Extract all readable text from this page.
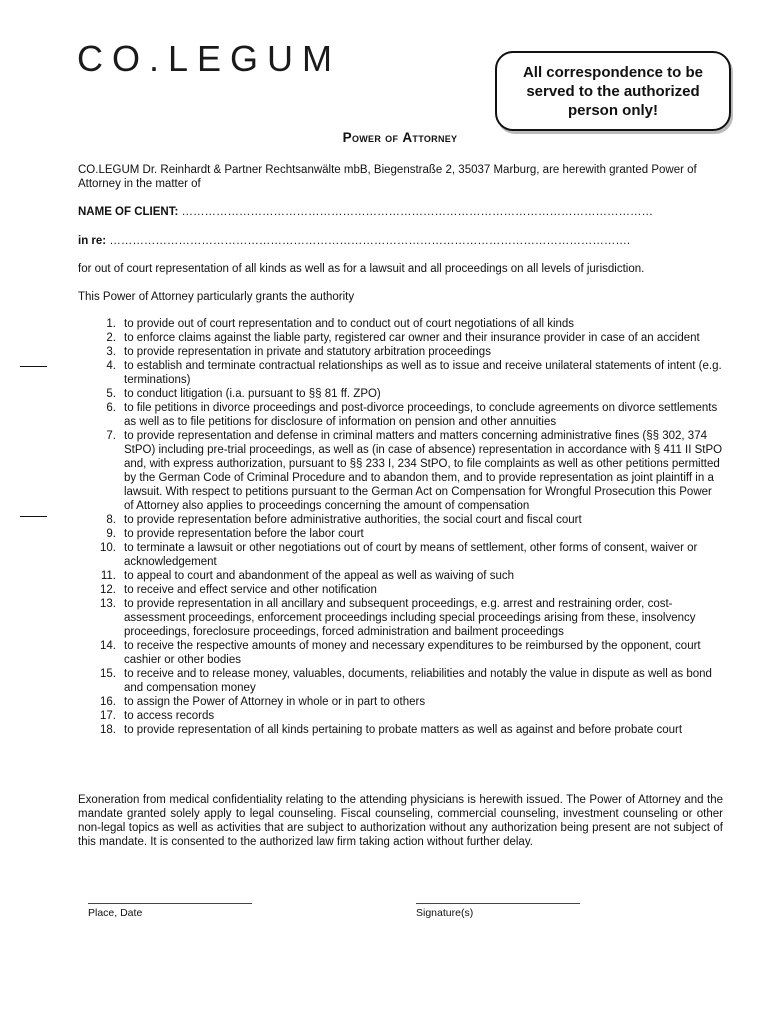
CO.LEGUM	All correspondence to be served to the authorized person only!
Power of Attorney

CO.LEGUM Dr. Reinhardt & Partner Rechtsanwälte mbB, Biegenstraße 2, 35037 Marburg, are herewith granted Power of Attorney in the matter of

NAME OF CLIENT: ……………………………………………………………………………………………………………
in re: ……………………………………………………………………………………………………………………….

for out of court representation of all kinds as well as for a lawsuit and all proceedings on all levels of jurisdiction.

This Power of Attorney particularly grants the authority

1. to provide out of court representation and to conduct out of court negotiations of all kinds
2. to enforce claims against the liable party, registered car owner and their insurance provider in case of an accident
3. to provide representation in private and statutory arbitration proceedings
4. to establish and terminate contractual relationships as well as to issue and receive unilateral statements of intent (e.g. terminations)
5. to conduct litigation (i.a. pursuant to §§ 81 ff. ZPO)
6. to file petitions in divorce proceedings and post-divorce proceedings, to conclude agreements on divorce settlements as well as to file petitions for disclosure of information on pension and other annuities
7. to provide representation and defense in criminal matters and matters concerning administrative fines (§§ 302, 374 StPO) including pre-trial proceedings, as well as (in case of absence) representation in accordance with § 411 II StPO and, with express authorization, pursuant to §§ 233 I, 234 StPO, to file complaints as well as other petitions permitted by the German Code of Criminal Procedure and to abandon them, and to provide representation as joint plaintiff in a lawsuit. With respect to petitions pursuant to the German Act on Compensation for Wrongful Prosecution this Power of Attorney also applies to proceedings concerning the amount of compensation
8. to provide representation before administrative authorities, the social court and fiscal court
9. to provide representation before the labor court
10. to terminate a lawsuit or other negotiations out of court by means of settlement, other forms of consent, waiver or acknowledgement
11. to appeal to court and abandonment of the appeal as well as waiving of such
12. to receive and effect service and other notification
13. to provide representation in all ancillary and subsequent proceedings, e.g. arrest and restraining order, cost-assessment proceedings, enforcement proceedings including special proceedings arising from these, insolvency proceedings, foreclosure proceedings, forced administration and bailment proceedings
14. to receive the respective amounts of money and necessary expenditures to be reimbursed by the opponent, court cashier or other bodies
15. to receive and to release money, valuables, documents, reliabilities and notably the value in dispute as well as bond and compensation money
16. to assign the Power of Attorney in whole or in part to others
17. to access records
18. to provide representation of all kinds pertaining to probate matters as well as against and before probate court

Exoneration from medical confidentiality relating to the attending physicians is herewith issued. The Power of Attorney and the mandate granted solely apply to legal counseling. Fiscal counseling, commercial counseling, investment counseling or other non-legal topics as well as activities that are subject to authorization without any authorization being present are not subject of this mandate. It is consented to the authorized law firm taking action without further delay.

Place, Date	Signature(s)
